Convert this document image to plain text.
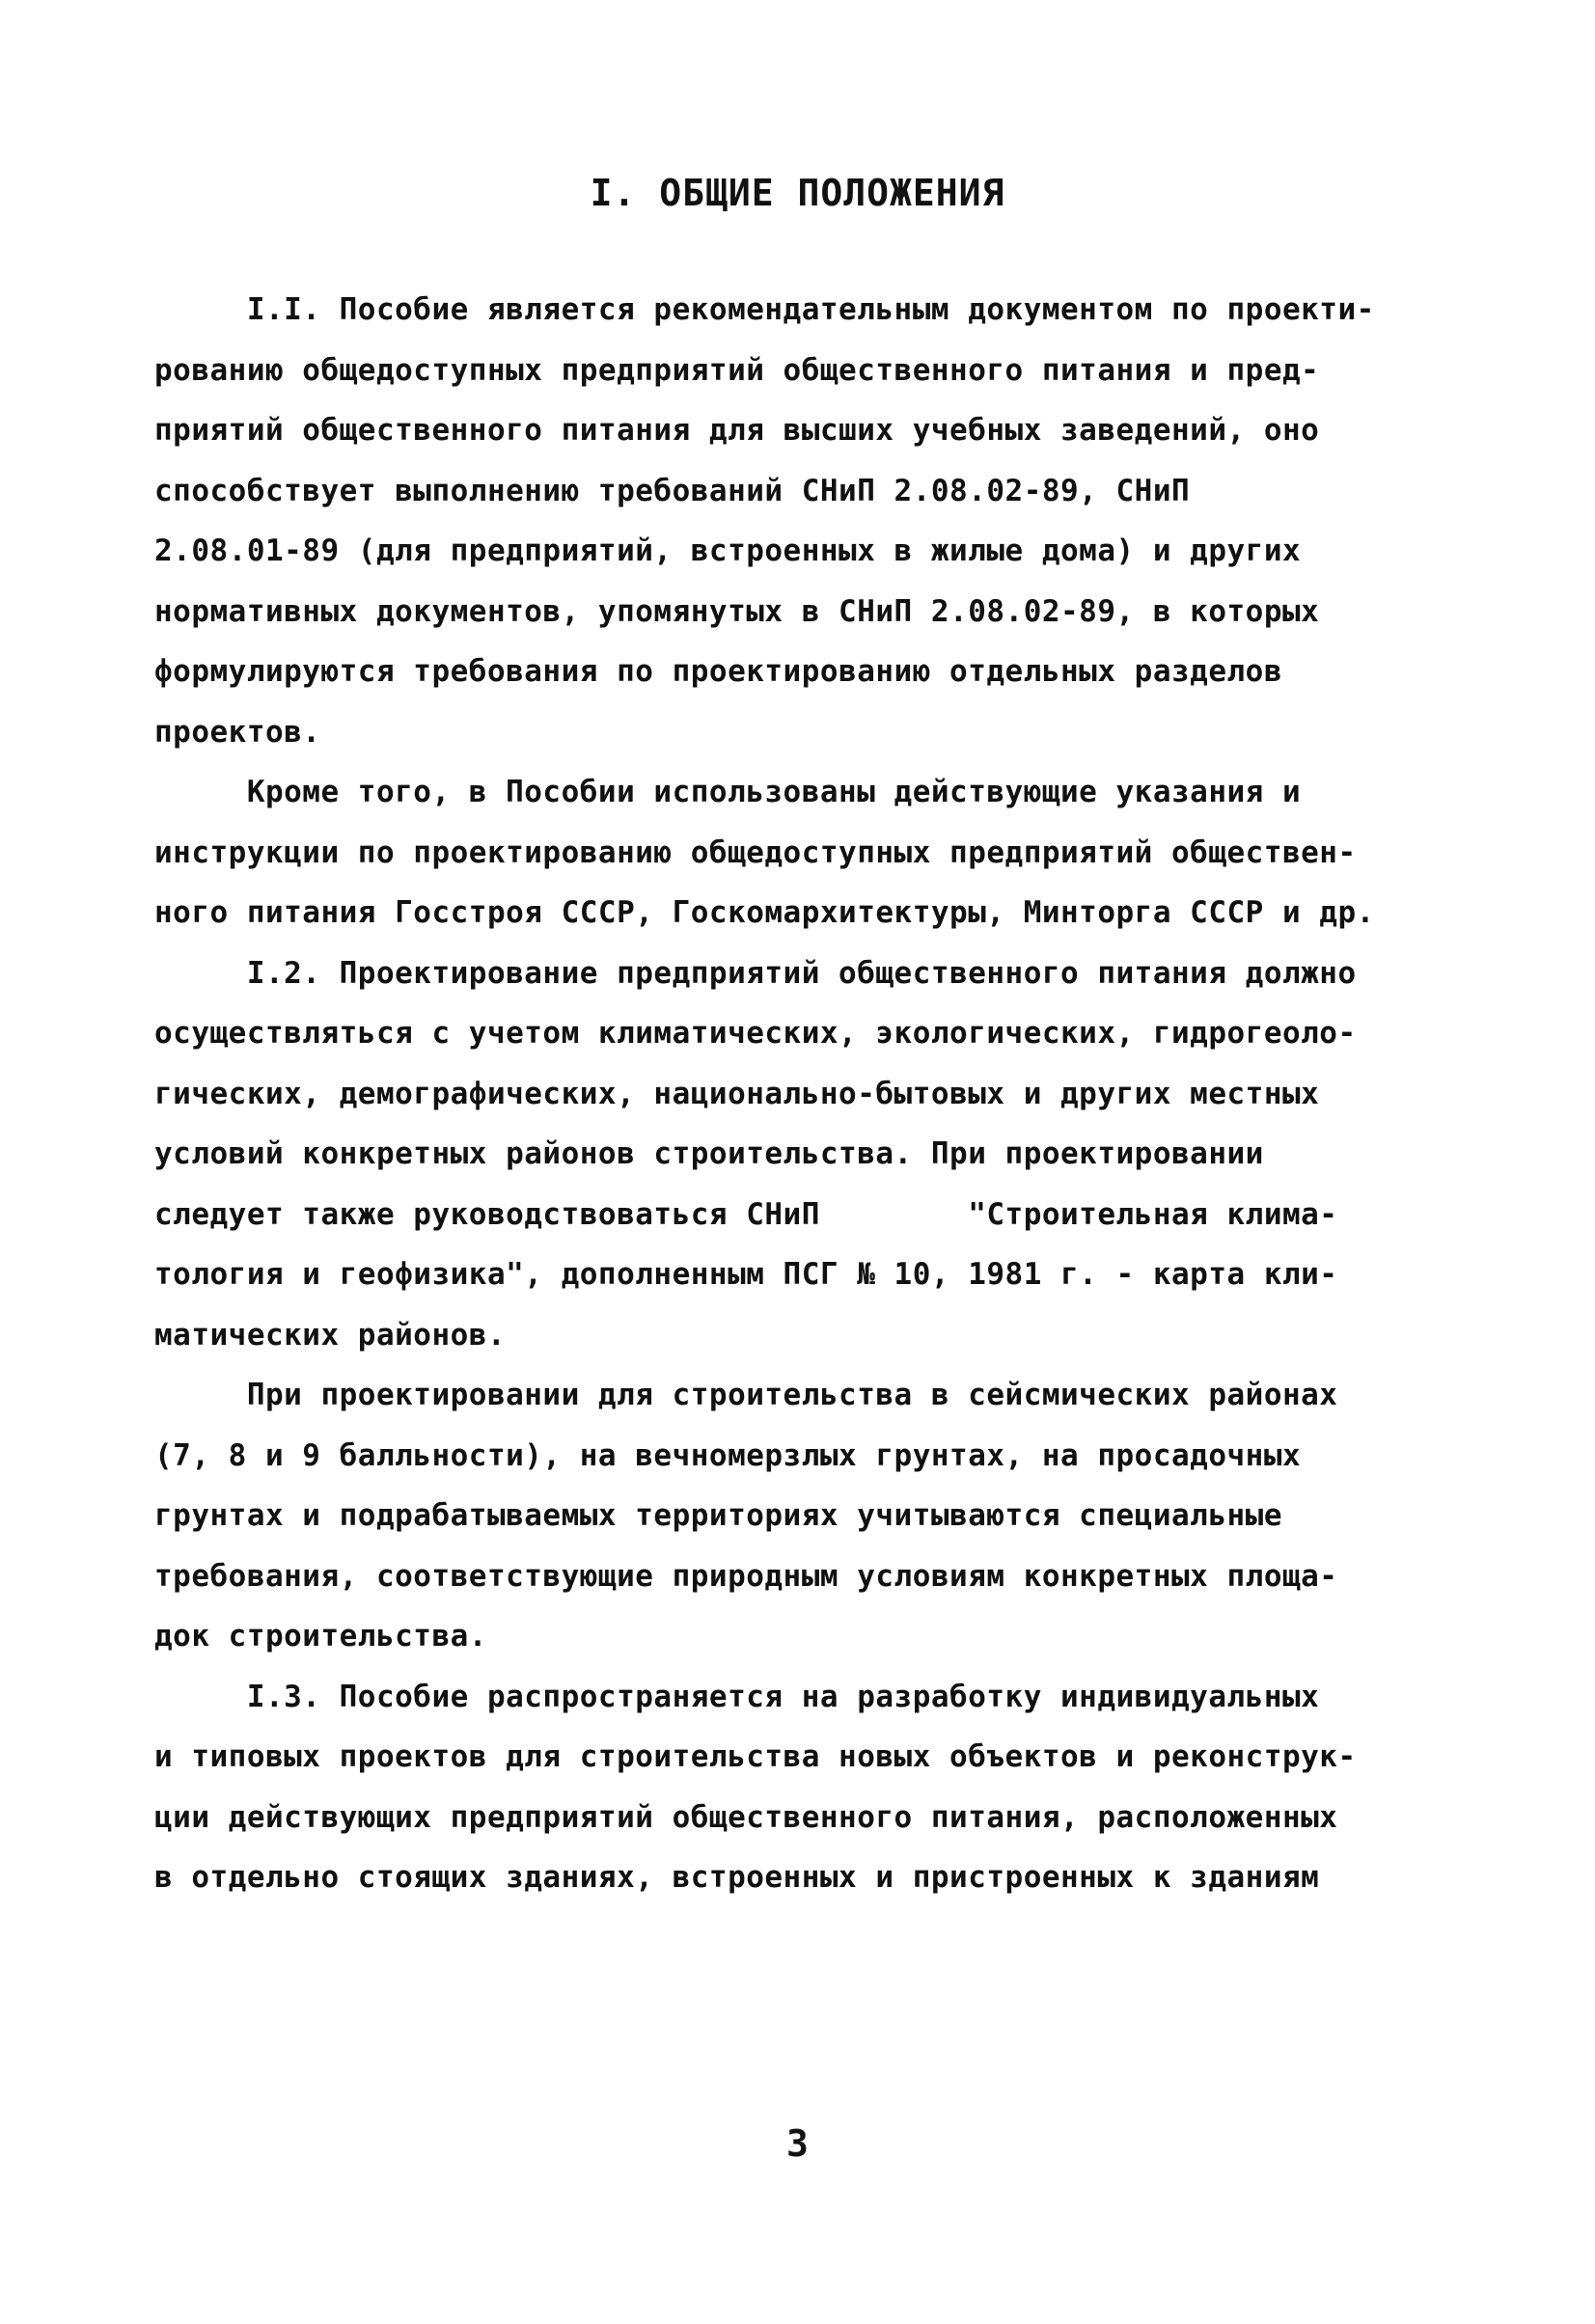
I. ОБЩИЕ ПОЛОЖЕНИЯ

I.I. Пособие является рекомендательным документом по проекти-
рованию общедоступных предприятий общественного питания и пред-
приятий общественного питания для высших учебных заведений, оно
способствует выполнению требований СНиП 2.08.02-89, СНиП
2.08.01-89 (для предприятий, встроенных в жилые дома) и других
нормативных документов, упомянутых в СНиП 2.08.02-89, в которых
формулируются требования по проектированию отдельных разделов
проектов.

Кроме того, в Пособии использованы действующие указания и
инструкции по проектированию общедоступных предприятий обществен-
ного питания Госстроя СССР, Госкомархитектуры, Минторга СССР и др.

I.2. Проектирование предприятий общественного питания должно
осуществляться с учетом климатических, экологических, гидрогеоло-
гических, демографических, национально-бытовых и других местных
условий конкретных районов строительства. При проектировании
следует также руководствоваться СНиП        "Строительная клима-
тология и геофизика", дополненным ПСГ № 10, 1981 г. - карта кли-
матических районов.

При проектировании для строительства в сейсмических районах
(7, 8 и 9 балльности), на вечномерзлых грунтах, на просадочных
грунтах и подрабатываемых территориях учитываются специальные
требования, соответствующие природным условиям конкретных площа-
док строительства.

I.3. Пособие распространяется на разработку индивидуальных
и типовых проектов для строительства новых объектов и реконструк-
ции действующих предприятий общественного питания, расположенных
в отдельно стоящих зданиях, встроенных и пристроенных к зданиям

3
